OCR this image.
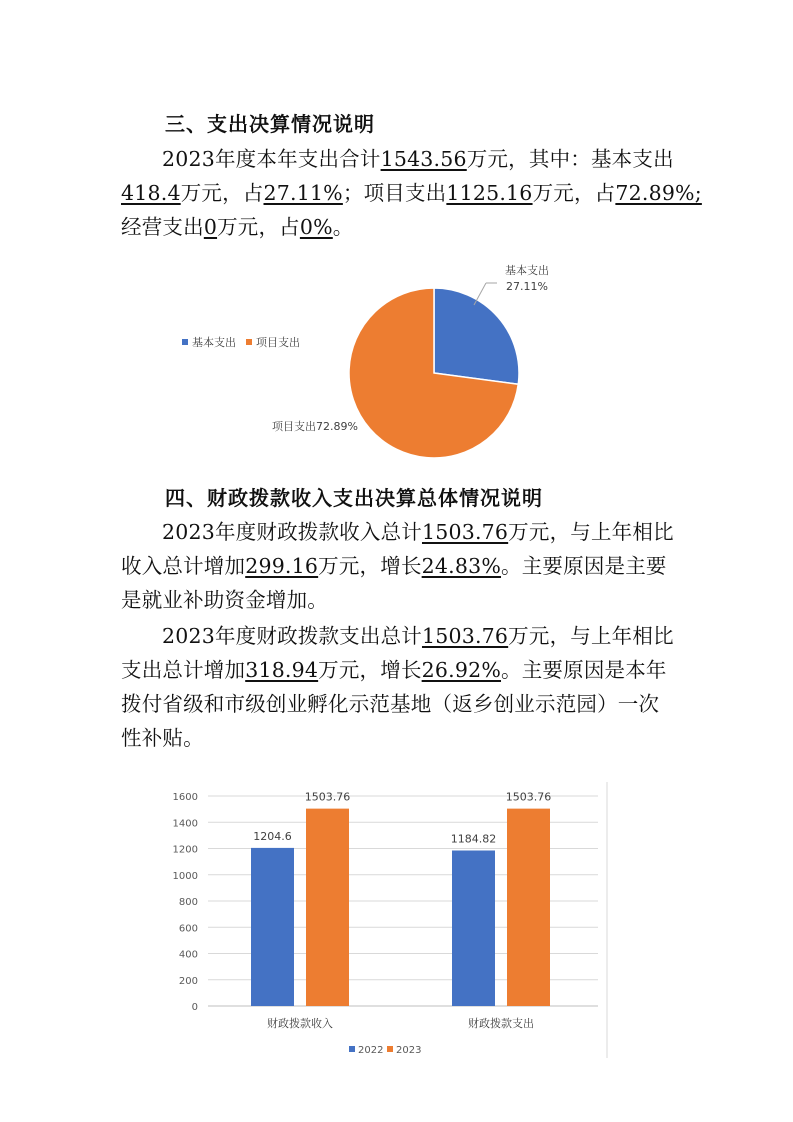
三、支出决算情况说明
2023年度本年支出合计1543.56万元，其中：基本支出
418.4万元，占27.11%；项目支出1125.16万元，占72.89%;
经营支出0万元，占0%。
基本支出
27.11%
项目支出72.89%
基本支出 项目支出
四、财政拨款收入支出决算总体情况说明
2023年度财政拨款收入总计1503.76万元，与上年相比
收入总计增加299.16万元，增长24.83%。主要原因是主要
是就业补助资金增加。
2023年度财政拨款支出总计1503.76万元，与上年相比
支出总计增加318.94万元，增长26.92%。主要原因是本年
拨付省级和市级创业孵化示范基地（返乡创业示范园）一次
性补贴。
0
200
400
600
800
1000
1200
1400
1600
1204.6	1184.82
1503.76	1503.76
财政拨款收入	财政拨款支出
2022 2023
